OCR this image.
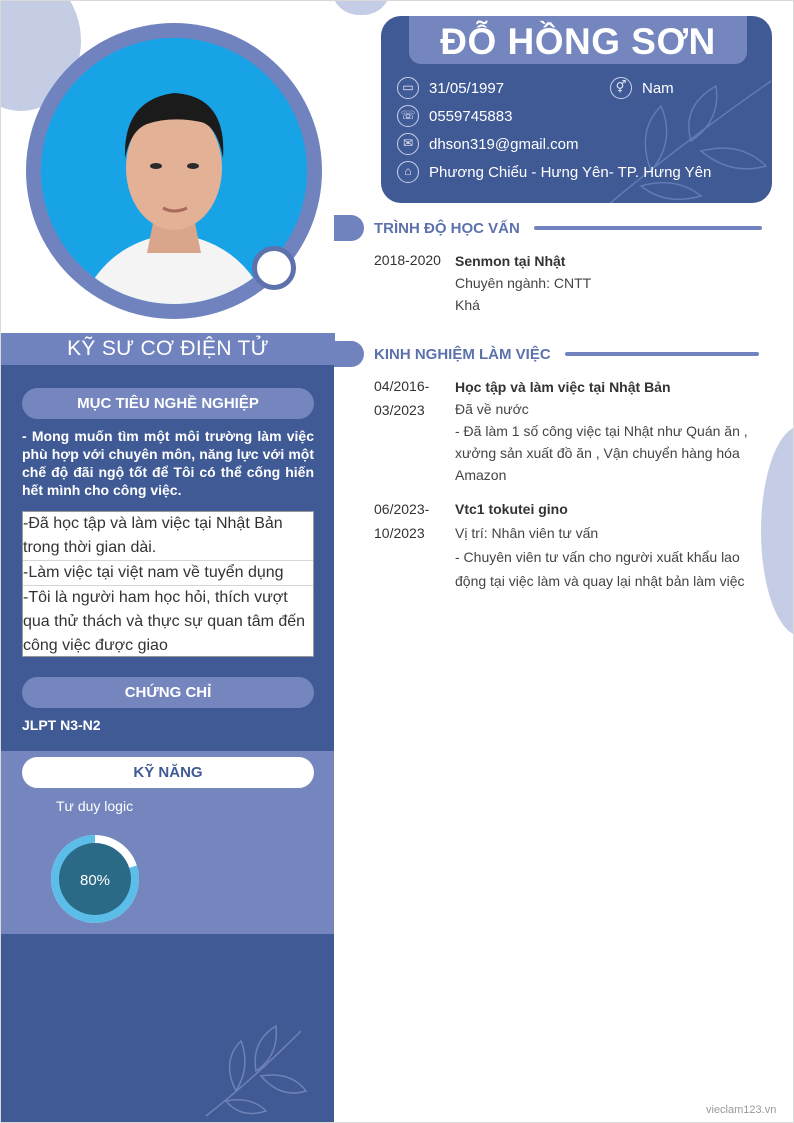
KỸ SƯ CƠ ĐIỆN TỬ
MỤC TIÊU NGHỀ NGHIỆP
- Mong muốn tìm một môi trường làm việc phù hợp với chuyên môn, năng lực với một chế độ đãi ngộ tốt để Tôi có thể cống hiến hết mình cho công việc.
-Đã học tập và làm việc tại Nhật Bản trong thời gian dài.
-Làm việc tại việt nam về tuyển dụng
-Tôi là người ham học hỏi, thích vượt qua thử thách và thực sự quan tâm đến công việc được giao
CHỨNG CHỈ
JLPT N3-N2
KỸ NĂNG
Tư duy logic
80%
ĐỖ HỒNG SƠN
▭	31/05/1997	⚥	Nam
☏ 0559745883
✉	dhson319@gmail.com
⌂	Phương Chiểu - Hưng Yên- TP. Hưng Yên
TRÌNH ĐỘ HỌC VẤN
2018-2020 Senmon tại Nhật
Chuyên ngành: CNTT
Khá
KINH NGHIỆM LÀM VIỆC
04/2016-
03/2023
Học tập và làm việc tại Nhật Bản
Đã về nước
- Đã làm 1 số công việc tại Nhật như Quán ăn , xưởng sản xuất đồ ăn , Vận chuyển hàng hóa Amazon
06/2023-
10/2023
Vtc1 tokutei gino
Vị trí: Nhân viên tư vấn
- Chuyên viên tư vấn cho người xuất khẩu lao động tại việc làm và quay lại nhật bản làm việc
vieclam123.vn
